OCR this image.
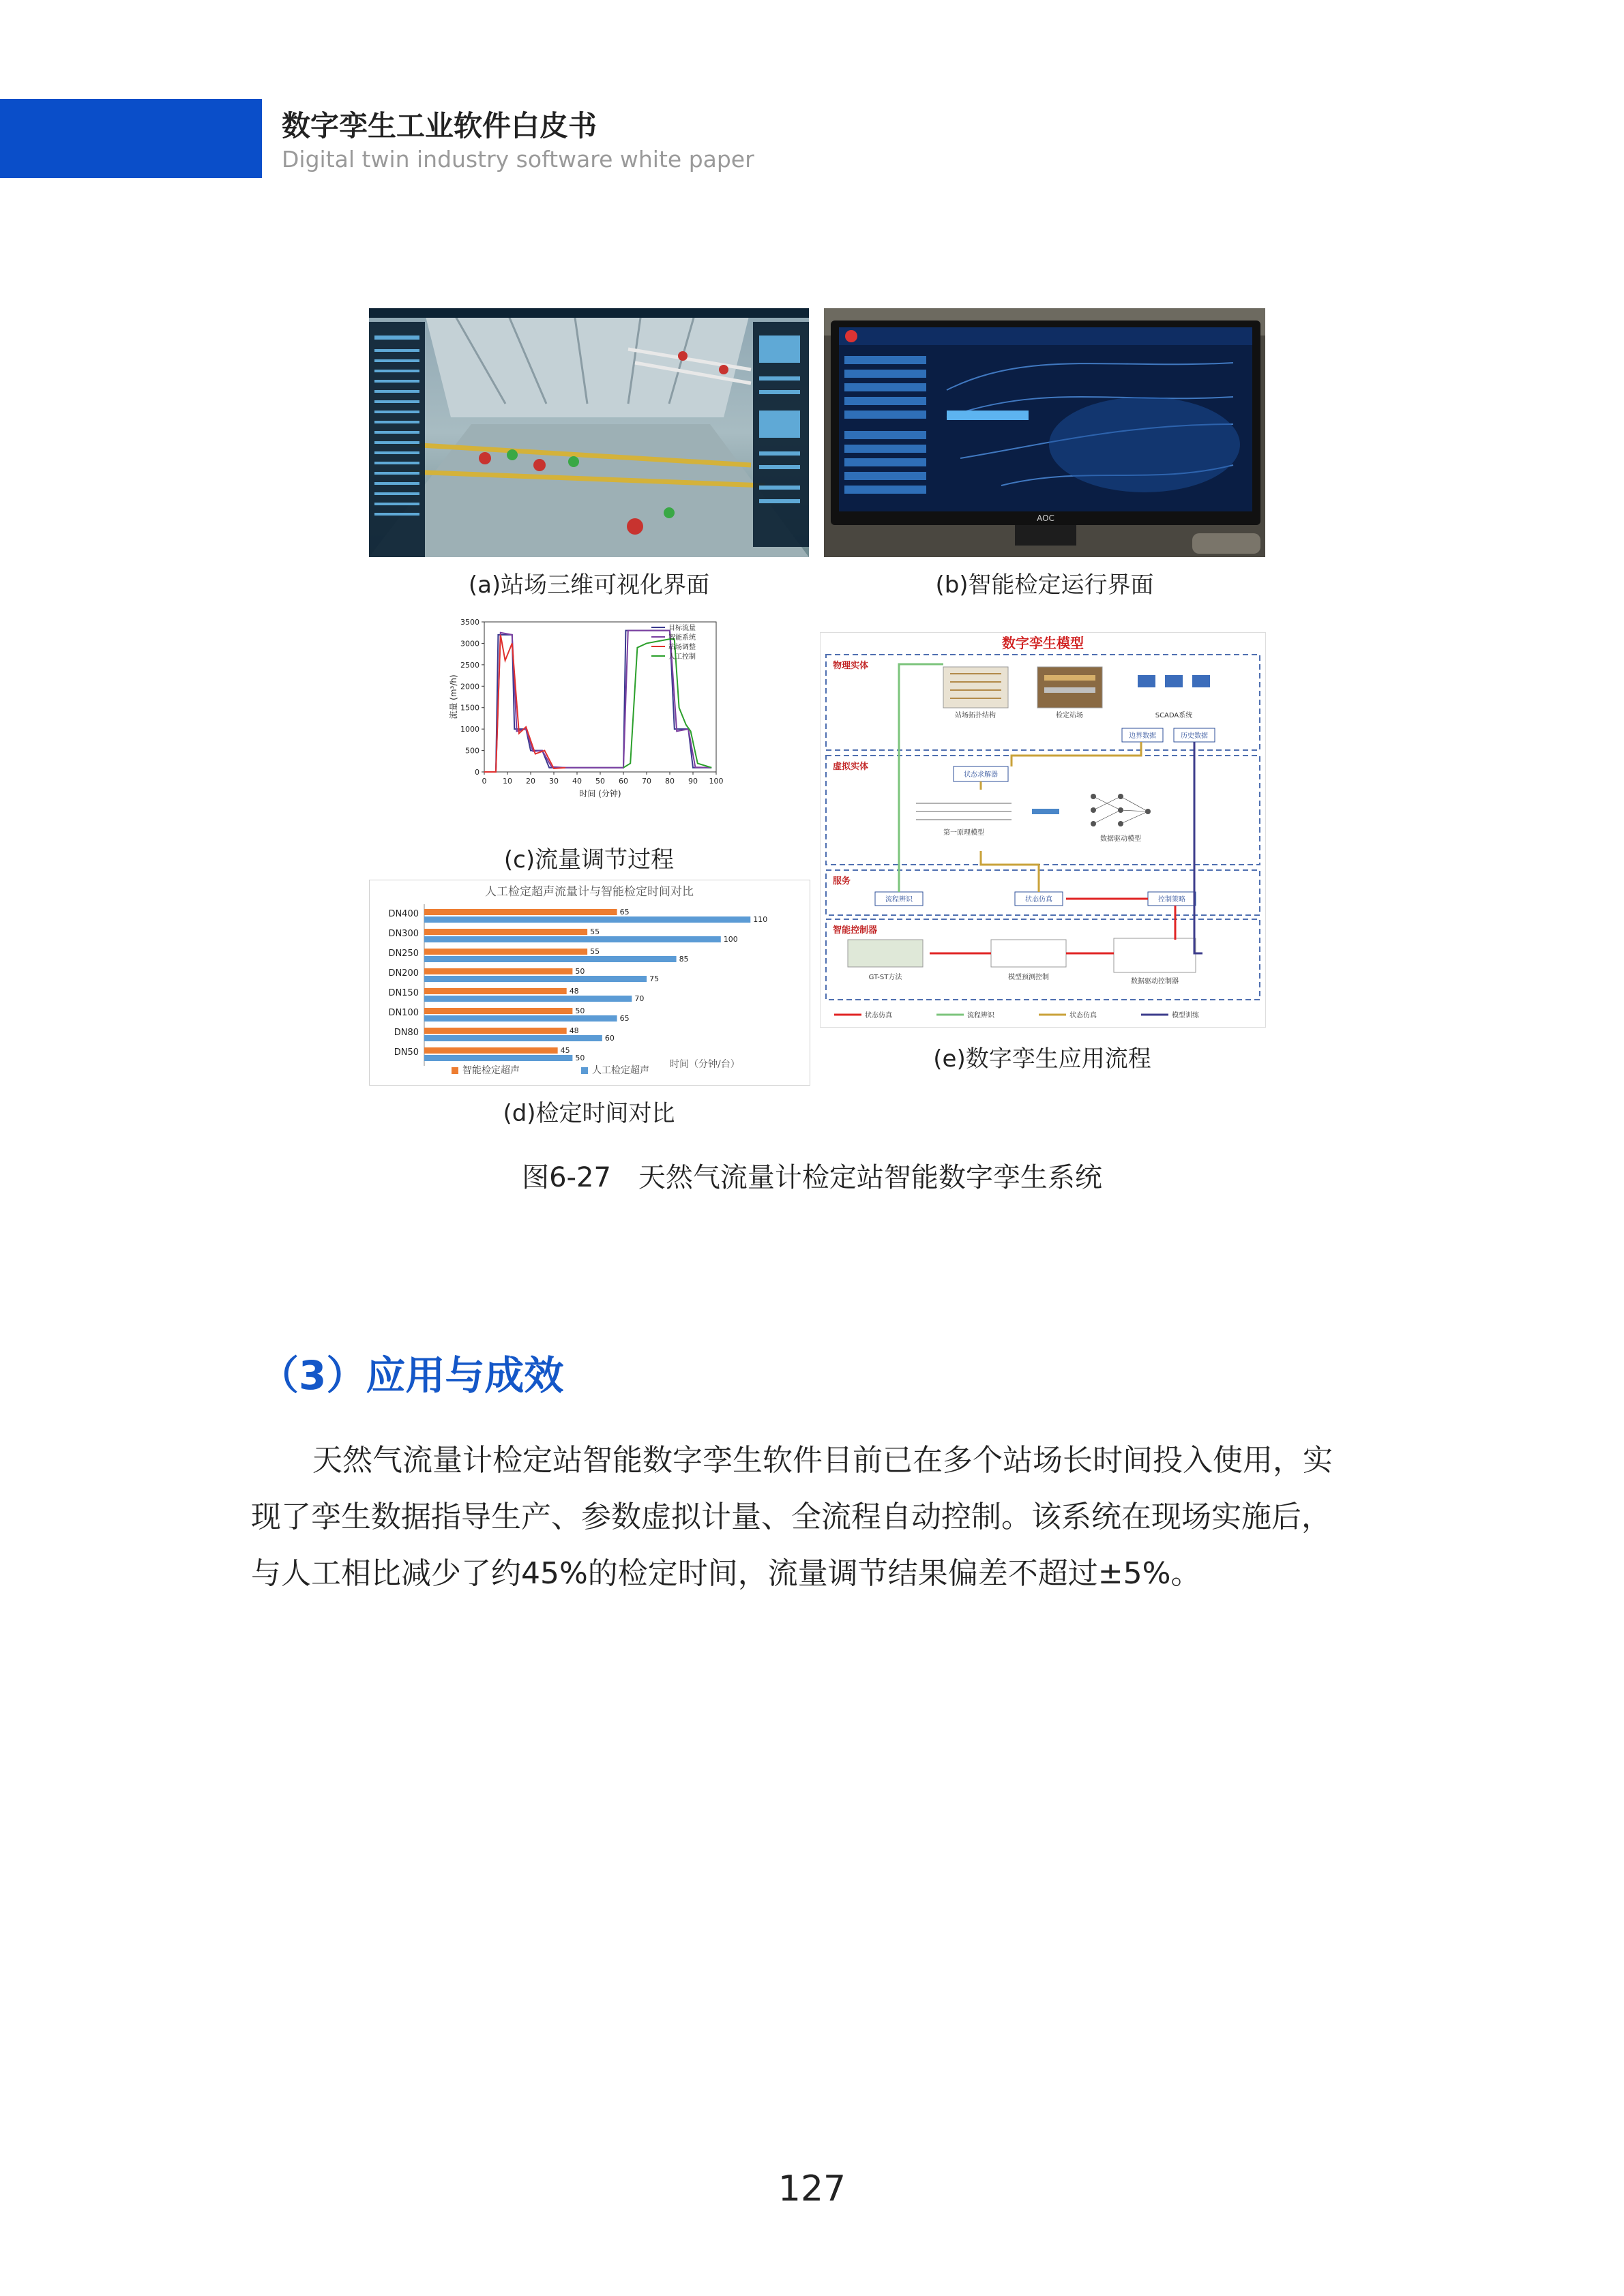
数字孪生工业软件白皮书
Digital twin industry software white paper
(a)站场三维可视化界面
AOC
(b)智能检定运行界面
0
500
1000
1500
2000
2500
3000
3500
0 10 20 30 40 50 60 70 80 90 100
时间 (分钟)
流量 (m³/h)
目标流量
智能系统
站场调整
人工控制
(c)流量调节过程
人工检定超声流量计与智能检定时间对比
DN400	65
110
DN300	55
100
DN250	55
85
DN200	50
75
DN150	48
70
DN100	50
65
DN80	48
60
DN50	45
50
时间（分钟/台）
智能检定超声	人工检定超声
(d)检定时间对比
数字孪生模型
物理实体
虚拟实体
服务
智能控制器
站场拓扑结构	检定站场	SCADA系统
边界数据	历史数据
状态求解器
第一原理模型
数据驱动模型
流程辨识	状态仿真	控制策略
GT-ST方法	模型预测控制
数据驱动控制器
状态仿真	流程辨识	状态仿真	模型训练
(e)数字孪生应用流程
图6-27　天然气流量计检定站智能数字孪生系统
（3）应用与成效
天然气流量计检定站智能数字孪生软件目前已在多个站场长时间投入使用，实
现了孪生数据指导生产、参数虚拟计量、全流程自动控制。该系统在现场实施后，
与人工相比减少了约45%的检定时间，流量调节结果偏差不超过±5%。
127
